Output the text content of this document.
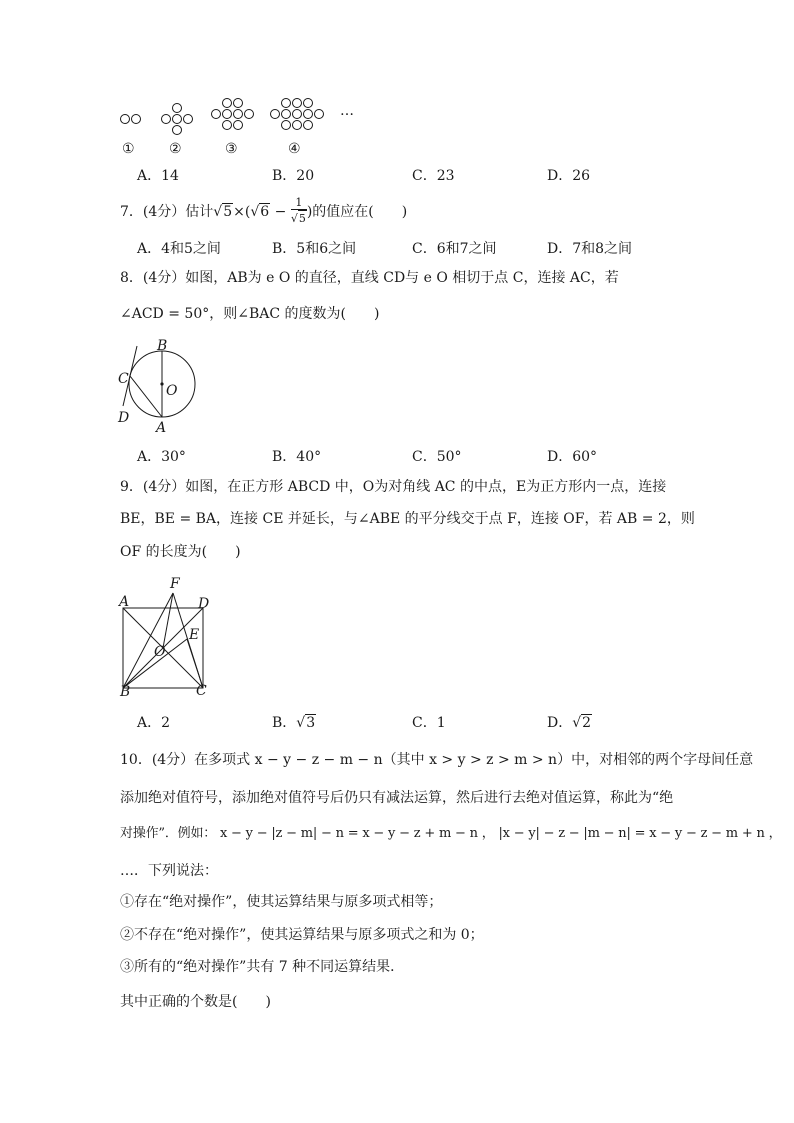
…
① ②	③	④
A．14	B．20	C．23	D．26
7．(4分）估计$√5\times(√6 - \frac{1}{√5}$ )的值应在(　　)
A．4和5之间	B．5和6之间	C．6和7之间	D．7和8之间
8．(4分）如图，AB为 e O 的直径，直线 CD与 e O 相切于点 C，连接 AC，若
∠ACD = 50°，则∠BAC 的度数为(　　)
B
C
O
D
A
A．30°	B．40°	C．50°	D．60°
9．(4分）如图，在正方形 ABCD 中，O为对角线 AC 的中点，E为正方形内一点，连接
BE，BE = BA，连接 CE 并延长，与∠ABE 的平分线交于点 F，连接 OF，若 AB = 2，则
OF 的长度为(　　)
F
A	D
E
O
B	C
A．2	B．√3	C．1	D．√2
10．(4分）在多项式 x − y − z − m − n（其中 x > y > z > m > n）中，对相邻的两个字母间任意
添加绝对值符号，添加绝对值符号后仍只有减法运算，然后进行去绝对值运算，称此为“绝
对操作”．例如： x − y − |z − m| − n = x − y − z + m − n ， |x − y| − z − |m − n| = x − y − z − m + n ，
…．下列说法：
①存在“绝对操作”，使其运算结果与原多项式相等；
②不存在“绝对操作”，使其运算结果与原多项式之和为 0；
③所有的“绝对操作”共有 7 种不同运算结果．
其中正确的个数是(　　)
